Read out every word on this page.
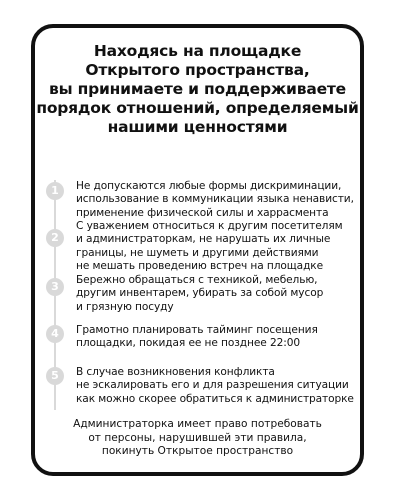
Находясь на площадке
Открытого пространства,
вы принимаете и поддерживаете
порядок отношений, определяемый
нашими ценностями
1	Не допускаются любые формы дискриминации,
использование в коммуникации языка ненависти,
применение физической силы и харрасмента
2
С уважением относиться к другим посетителям
и администраторкам, не нарушать их личные
границы, не шуметь и другими действиями
не мешать проведению встреч на площадке
3	Бережно обращаться с техникой, мебелью,
другим инвентарем, убирать за собой мусор
и грязную посуду
4	Грамотно планировать тайминг посещения
площадки, покидая ее не позднее 22:00
5	В случае возникновения конфликта
не эскалировать его и для разрешения ситуации
как можно скорее обратиться к администраторке
Администраторка имеет право потребовать
от персоны, нарушившей эти правила,
покинуть Открытое пространство
